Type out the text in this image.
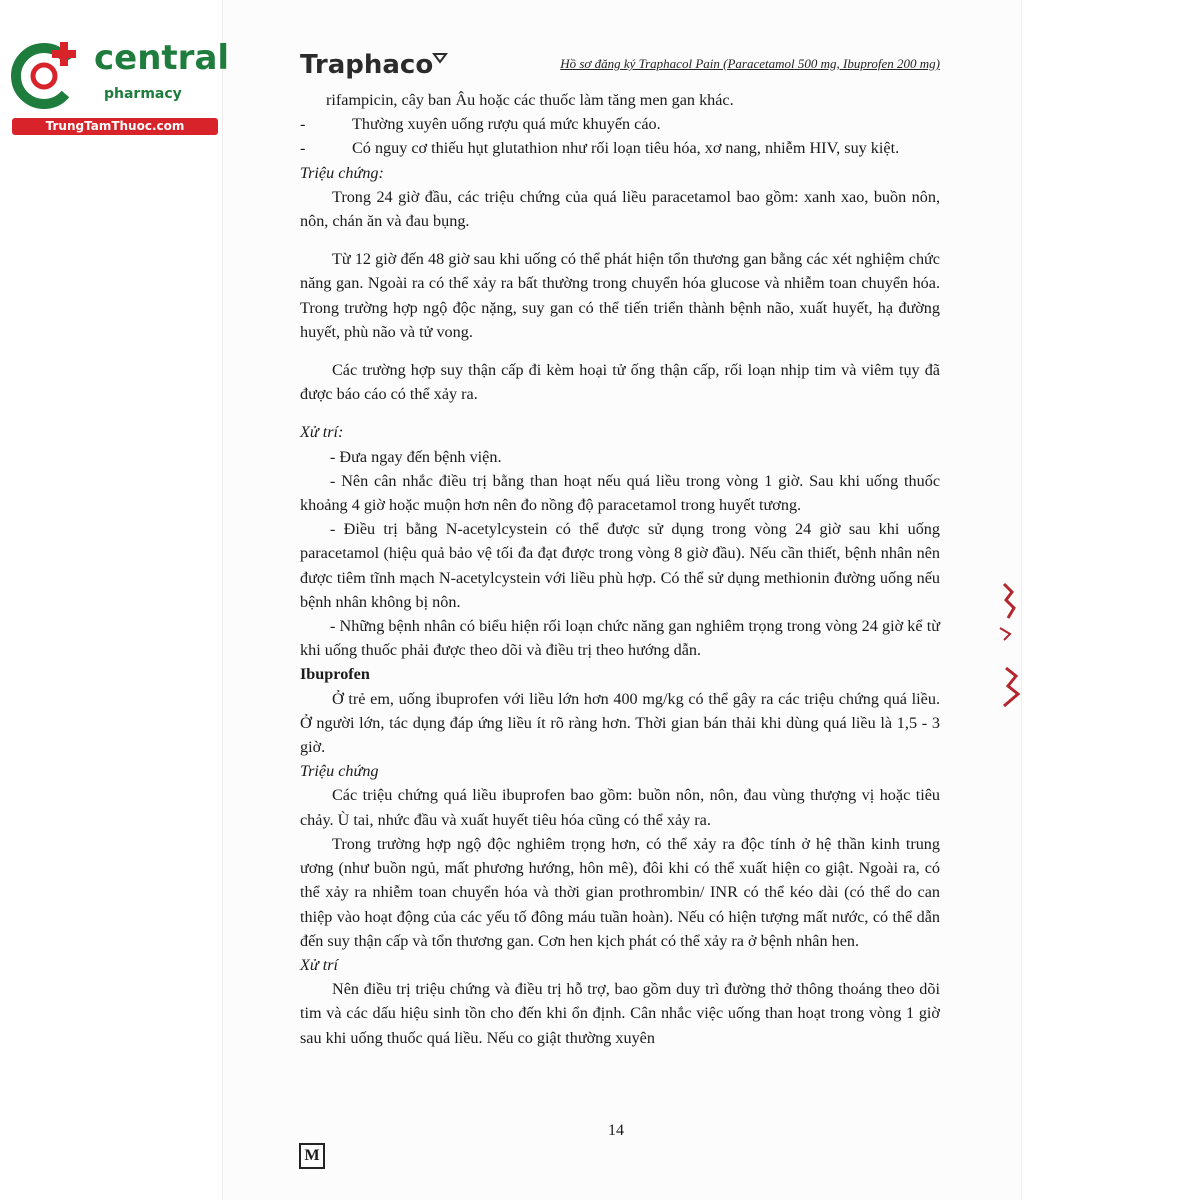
central
pharmacy
TrungTamThuoc.com
Traphaco	Hồ sơ đăng ký Traphacol Pain (Paracetamol 500 mg, Ibuprofen 200 mg)

rifampicin, cây ban Âu hoặc các thuốc làm tăng men gan khác.

-	Thường xuyên uống rượu quá mức khuyến cáo.
-	Có nguy cơ thiếu hụt glutathion như rối loạn tiêu hóa, xơ nang, nhiễm HIV, suy kiệt.

Triệu chứng:

Trong 24 giờ đầu, các triệu chứng của quá liều paracetamol bao gồm: xanh xao, buồn nôn, nôn, chán ăn và đau bụng.

Từ 12 giờ đến 48 giờ sau khi uống có thể phát hiện tổn thương gan bằng các xét nghiệm chức năng gan. Ngoài ra có thể xảy ra bất thường trong chuyển hóa glucose và nhiễm toan chuyển hóa. Trong trường hợp ngộ độc nặng, suy gan có thể tiến triển thành bệnh não, xuất huyết, hạ đường huyết, phù não và tử vong.

Các trường hợp suy thận cấp đi kèm hoại tử ống thận cấp, rối loạn nhịp tim và viêm tụy đã được báo cáo có thể xảy ra.

Xử trí:

- Đưa ngay đến bệnh viện.

- Nên cân nhắc điều trị bằng than hoạt nếu quá liều trong vòng 1 giờ. Sau khi uống thuốc khoảng 4 giờ hoặc muộn hơn nên đo nồng độ paracetamol trong huyết tương.

- Điều trị bằng N-acetylcystein có thể được sử dụng trong vòng 24 giờ sau khi uống paracetamol (hiệu quả bảo vệ tối đa đạt được trong vòng 8 giờ đầu). Nếu cần thiết, bệnh nhân nên được tiêm tĩnh mạch N-acetylcystein với liều phù hợp. Có thể sử dụng methionin đường uống nếu bệnh nhân không bị nôn.

- Những bệnh nhân có biểu hiện rối loạn chức năng gan nghiêm trọng trong vòng 24 giờ kể từ khi uống thuốc phải được theo dõi và điều trị theo hướng dẫn.

Ibuprofen

Ở trẻ em, uống ibuprofen với liều lớn hơn 400 mg/kg có thể gây ra các triệu chứng quá liều. Ở người lớn, tác dụng đáp ứng liều ít rõ ràng hơn. Thời gian bán thải khi dùng quá liều là 1,5 - 3 giờ.

Triệu chứng

Các triệu chứng quá liều ibuprofen bao gồm: buồn nôn, nôn, đau vùng thượng vị hoặc tiêu chảy. Ù tai, nhức đầu và xuất huyết tiêu hóa cũng có thể xảy ra.

Trong trường hợp ngộ độc nghiêm trọng hơn, có thể xảy ra độc tính ở hệ thần kinh trung ương (như buồn ngủ, mất phương hướng, hôn mê), đôi khi có thể xuất hiện co giật. Ngoài ra, có thể xảy ra nhiễm toan chuyển hóa và thời gian prothrombin/ INR có thể kéo dài (có thể do can thiệp vào hoạt động của các yếu tố đông máu tuần hoàn). Nếu có hiện tượng mất nước, có thể dẫn đến suy thận cấp và tổn thương gan. Cơn hen kịch phát có thể xảy ra ở bệnh nhân hen.

Xử trí

Nên điều trị triệu chứng và điều trị hỗ trợ, bao gồm duy trì đường thở thông thoáng theo dõi tim và các dấu hiệu sinh tồn cho đến khi ổn định. Cân nhắc việc uống than hoạt trong vòng 1 giờ sau khi uống thuốc quá liều. Nếu co giật thường xuyên

14
M
